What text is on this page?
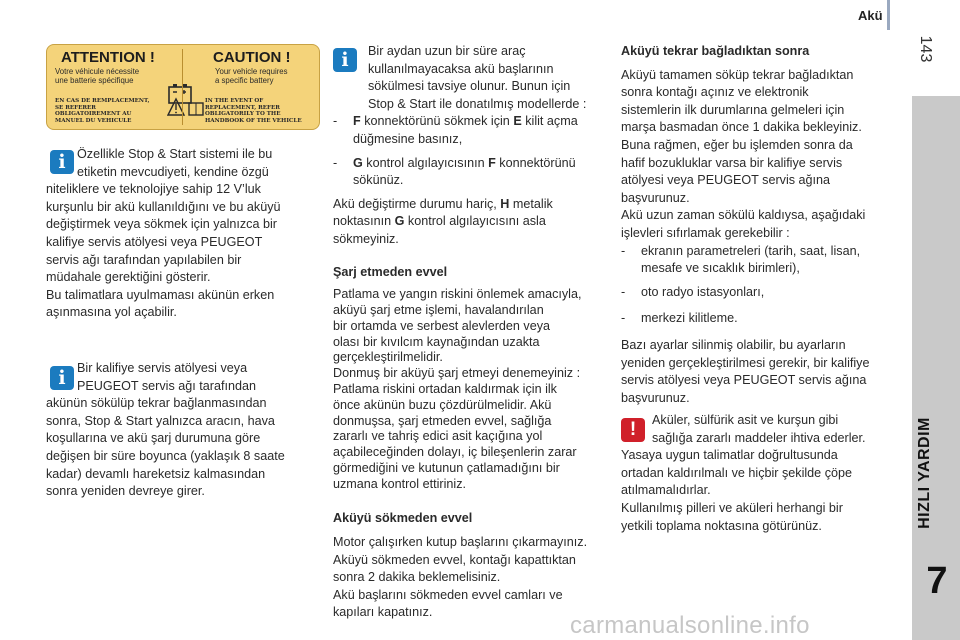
Akü
143
HIZLI YARDIM
7
ATTENTION !	CAUTION !
Votre véhicule nécessite
une batterie spécifique
Your vehicle requires
a specific battery
EN CAS DE REMPLACEMENT,
SE REFERER
OBLIGATOIREMENT AU
MANUEL DU VEHICULE
IN THE EVENT OF
REPLACEMENT, REFER
OBLIGATORILY TO THE
HANDBOOK OF THE VEHICLE
i Özellikle Stop & Start sistemi ile bu

etiketin mevcudiyeti, kendine özgü

niteliklere ve teknolojiye sahip 12 V’luk

kurşunlu bir akü kullanıldığını ve bu aküyü

değiştirmek veya sökmek için yalnızca bir

kalifiye servis atölyesi veya PEUGEOT

servis ağı tarafından yapılabilen bir

müdahale gerektiğini gösterir.

Bu talimatlara uyulmaması akünün erken

aşınmasına yol açabilir.

i Bir kalifiye servis atölyesi veya

PEUGEOT servis ağı tarafından

akünün sökülüp tekrar bağlanmasından

sonra, Stop & Start yalnızca aracın, hava

koşullarına ve akü şarj durumuna göre

değişen bir süre boyunca (yaklaşık 8 saate

kadar) devamlı hareketsiz kalmasından

sonra yeniden devreye girer.

i	Bir aydan uzun bir süre araç

kullanılmayacaksa akü başlarının

sökülmesi tavsiye olunur. Bunun için

Stop & Start ile donatılmış modellerde :

- F konnektörünü sökmek için E kilit açma

düğmesine basınız,

- G kontrol algılayıcısının F konnektörünü

sökünüz.

Akü değiştirme durumu hariç, H metalik

noktasının G kontrol algılayıcısını asla

sökmeyiniz.

Şarj etmeden evvel

Patlama ve yangın riskini önlemek amacıyla,

aküyü şarj etme işlemi, havalandırılan

bir ortamda ve serbest alevlerden veya

olası bir kıvılcım kaynağından uzakta

gerçekleştirilmelidir.

Donmuş bir aküyü şarj etmeyi denemeyiniz :

Patlama riskini ortadan kaldırmak için ilk

önce akünün buzu çözdürülmelidir. Akü

donmuşsa, şarj etmeden evvel, sağlığa

zararlı ve tahriş edici asit kaçığına yol

açabileceğinden dolayı, iç bileşenlerin zarar

görmediğini ve kutunun çatlamadığını bir

uzmana kontrol ettiriniz.

Aküyü sökmeden evvel

Motor çalışırken kutup başlarını çıkarmayınız.

Aküyü sökmeden evvel, kontağı kapattıktan

sonra 2 dakika beklemelisiniz.

Akü başlarını sökmeden evvel camları ve

kapıları kapatınız.

Aküyü tekrar bağladıktan sonra

Aküyü tamamen söküp tekrar bağladıktan

sonra kontağı açınız ve elektronik

sistemlerin ilk durumlarına gelmeleri için

marşa basmadan önce 1 dakika bekleyiniz.

Buna rağmen, eğer bu işlemden sonra da

hafif bozukluklar varsa bir kalifiye servis

atölyesi veya PEUGEOT servis ağına

başvurunuz.

Akü uzun zaman sökülü kaldıysa, aşağıdaki

işlevleri sıfırlamak gerekebilir :

- ekranın parametreleri (tarih, saat, lisan,

mesafe ve sıcaklık birimleri),

- oto radyo istasyonları,

- merkezi kilitleme.

Bazı ayarlar silinmiş olabilir, bu ayarların

yeniden gerçekleştirilmesi gerekir, bir kalifiye

servis atölyesi veya PEUGEOT servis ağına

başvurunuz.

!	Aküler, sülfürik asit ve kurşun gibi

sağlığa zararlı maddeler ihtiva ederler.

Yasaya uygun talimatlar doğrultusunda

ortadan kaldırılmalı ve hiçbir şekilde çöpe

atılmamalıdırlar.

Kullanılmış pilleri ve aküleri herhangi bir

yetkili toplama noktasına götürünüz.

carmanualsonline.info
